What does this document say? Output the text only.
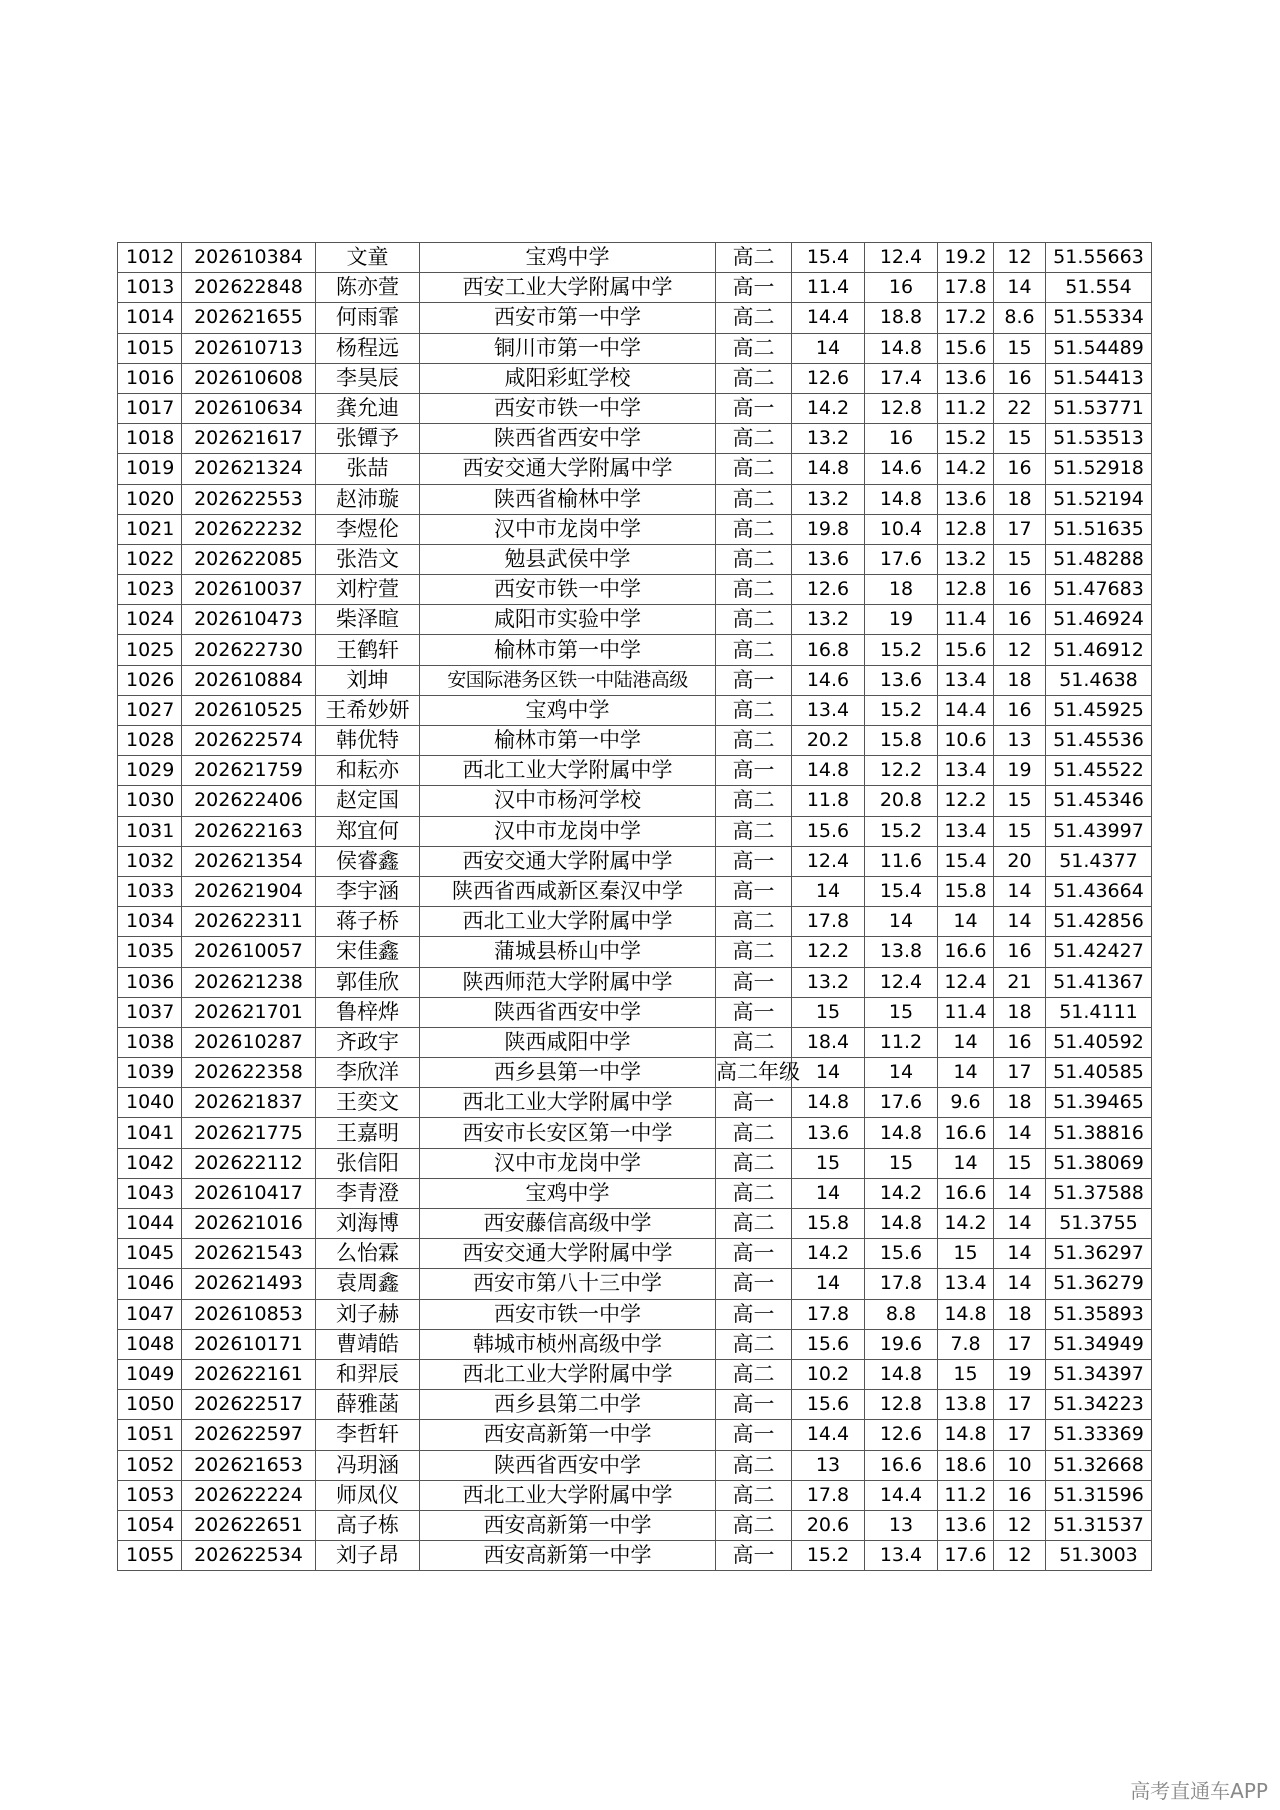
1012	202610384	文童	宝鸡中学	高二	15.4	12.4	19.2	12	51.55663
1013	202622848	陈亦萱	西安工业大学附属中学	高一	11.4	16	17.8	14	51.554
1014	202621655	何雨霏	西安市第一中学	高二	14.4	18.8	17.2	8.6	51.55334
1015	202610713	杨程远	铜川市第一中学	高二	14	14.8	15.6	15	51.54489
1016	202610608	李昊辰	咸阳彩虹学校	高二	12.6	17.4	13.6	16	51.54413
1017	202610634	龚允迪	西安市铁一中学	高一	14.2	12.8	11.2	22	51.53771
1018	202621617	张镡予	陕西省西安中学	高二	13.2	16	15.2	15	51.53513
1019	202621324	张喆	西安交通大学附属中学	高二	14.8	14.6	14.2	16	51.52918
1020	202622553	赵沛璇	陕西省榆林中学	高二	13.2	14.8	13.6	18	51.52194
1021	202622232	李煜伦	汉中市龙岗中学	高二	19.8	10.4	12.8	17	51.51635
1022	202622085	张浩文	勉县武侯中学	高二	13.6	17.6	13.2	15	51.48288
1023	202610037	刘柠萱	西安市铁一中学	高二	12.6	18	12.8	16	51.47683
1024	202610473	柴泽暄	咸阳市实验中学	高二	13.2	19	11.4	16	51.46924
1025	202622730	王鹤轩	榆林市第一中学	高二	16.8	15.2	15.6	12	51.46912
1026	202610884	刘坤	安国际港务区铁一中陆港高级	高一	14.6	13.6	13.4	18	51.4638
1027	202610525	王希妙妍	宝鸡中学	高二	13.4	15.2	14.4	16	51.45925
1028	202622574	韩优特	榆林市第一中学	高二	20.2	15.8	10.6	13	51.45536
1029	202621759	和耘亦	西北工业大学附属中学	高一	14.8	12.2	13.4	19	51.45522
1030	202622406	赵定国	汉中市杨河学校	高二	11.8	20.8	12.2	15	51.45346
1031	202622163	郑宜何	汉中市龙岗中学	高二	15.6	15.2	13.4	15	51.43997
1032	202621354	侯睿鑫	西安交通大学附属中学	高一	12.4	11.6	15.4	20	51.4377
1033	202621904	李宇涵	陕西省西咸新区秦汉中学	高一	14	15.4	15.8	14	51.43664
1034	202622311	蒋子桥	西北工业大学附属中学	高二	17.8	14	14	14	51.42856
1035	202610057	宋佳鑫	蒲城县桥山中学	高二	12.2	13.8	16.6	16	51.42427
1036	202621238	郭佳欣	陕西师范大学附属中学	高一	13.2	12.4	12.4	21	51.41367
1037	202621701	鲁梓烨	陕西省西安中学	高一	15	15	11.4	18	51.4111
1038	202610287	齐政宇	陕西咸阳中学	高二	18.4	11.2	14	16	51.40592
1039	202622358	李欣洋	西乡县第一中学	高二年级	14	14	14	17	51.40585
1040	202621837	王奕文	西北工业大学附属中学	高一	14.8	17.6	9.6	18	51.39465
1041	202621775	王嘉明	西安市长安区第一中学	高二	13.6	14.8	16.6	14	51.38816
1042	202622112	张信阳	汉中市龙岗中学	高二	15	15	14	15	51.38069
1043	202610417	李青澄	宝鸡中学	高二	14	14.2	16.6	14	51.37588
1044	202621016	刘海博	西安藤信高级中学	高二	15.8	14.8	14.2	14	51.3755
1045	202621543	么怡霖	西安交通大学附属中学	高一	14.2	15.6	15	14	51.36297
1046	202621493	袁周鑫	西安市第八十三中学	高一	14	17.8	13.4	14	51.36279
1047	202610853	刘子赫	西安市铁一中学	高一	17.8	8.8	14.8	18	51.35893
1048	202610171	曹靖皓	韩城市桢州高级中学	高二	15.6	19.6	7.8	17	51.34949
1049	202622161	和羿辰	西北工业大学附属中学	高二	10.2	14.8	15	19	51.34397
1050	202622517	薛雅菡	西乡县第二中学	高一	15.6	12.8	13.8	17	51.34223
1051	202622597	李哲轩	西安高新第一中学	高一	14.4	12.6	14.8	17	51.33369
1052	202621653	冯玥涵	陕西省西安中学	高二	13	16.6	18.6	10	51.32668
1053	202622224	师凤仪	西北工业大学附属中学	高二	17.8	14.4	11.2	16	51.31596
1054	202622651	高子栋	西安高新第一中学	高二	20.6	13	13.6	12	51.31537
1055	202622534	刘子昂	西安高新第一中学	高一	15.2	13.4	17.6	12	51.3003
高考直通车APP
